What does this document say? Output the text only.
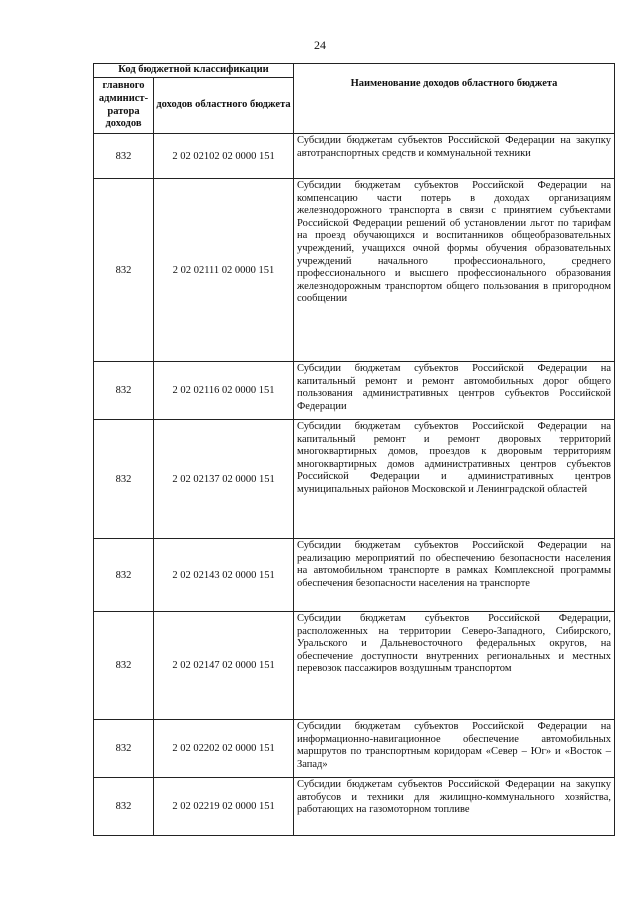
24
Код бюджетной классификации		Наименование доходов областного бюджета
главного админист-ратора доходов	доходов областного бюджета	
832	2 02 02102 02 0000 151	Субсидии бюджетам субъектов Российской Федерации на закупку автотранспортных средств и коммунальной техники
832	2 02 02111 02 0000 151	Субсидии бюджетам субъектов Российской Федерации на компенсацию части потерь в доходах организациям железнодорожного транспорта в связи с принятием субъектами Российской Федерации решений об установлении льгот по тарифам на проезд обучающихся и воспитанников общеобразовательных учреждений, учащихся очной формы обучения образовательных учреждений начального профессионального, среднего профессионального и высшего профессионального образования железнодорожным транспортом общего пользования в пригородном сообщении
832	2 02 02116 02 0000 151	Субсидии бюджетам субъектов Российской Федерации на капитальный ремонт и ремонт автомобильных дорог общего пользования административных центров субъектов Российской Федерации
832	2 02 02137 02 0000 151	Субсидии бюджетам субъектов Российской Федерации на капитальный ремонт и ремонт дворовых территорий многоквартирных домов, проездов к дворовым территориям многоквартирных домов административных центров субъектов Российской Федерации и административных центров муниципальных районов Московской и Ленинградской областей
832	2 02 02143 02 0000 151	Субсидии бюджетам субъектов Российской Федерации на реализацию мероприятий по обеспечению безопасности населения на автомобильном транспорте в рамках Комплексной программы обеспечения безопасности населения на транспорте
832	2 02 02147 02 0000 151	Субсидии бюджетам субъектов Российской Федерации, расположенных на территории Северо-Западного, Сибирского, Уральского и Дальневосточного федеральных округов, на обеспечение доступности внутренних региональных и местных перевозок пассажиров воздушным транспортом
832	2 02 02202 02 0000 151	Субсидии бюджетам субъектов Российской Федерации на информационно-навигационное обеспечение автомобильных маршрутов по транспортным коридорам «Север – Юг» и «Восток – Запад»
832	2 02 02219 02 0000 151	Субсидии бюджетам субъектов Российской Федерации на закупку автобусов и техники для жилищно-коммунального хозяйства, работающих на газомоторном топливе
